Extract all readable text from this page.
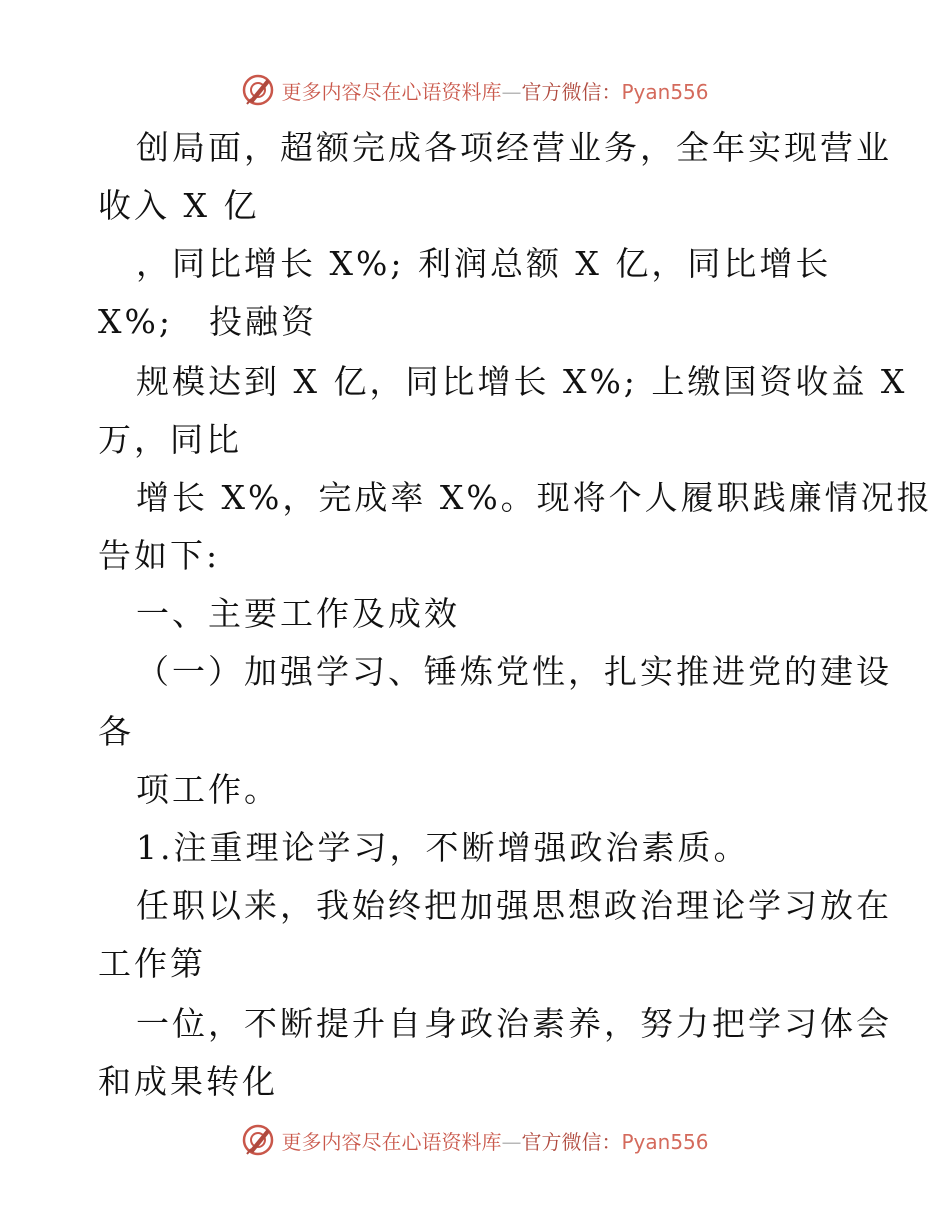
更多内容尽在心语资料库—官方微信：Pyan556
创局面，超额完成各项经营业务，全年实现营业
收入 X 亿
，同比增长 X%; 利润总额 X 亿，同比增长
X%;　投融资
规模达到 X 亿，同比增长 X%; 上缴国资收益 X
万，同比
增长 X%，完成率 X%。现将个人履职践廉情况报
告如下:
一、主要工作及成效
（一）加强学习、锤炼党性，扎实推进党的建设
各
项工作。
1.注重理论学习，不断增强政治素质。
任职以来，我始终把加强思想政治理论学习放在
工作第
一位，不断提升自身政治素养，努力把学习体会
和成果转化
更多内容尽在心语资料库—官方微信：Pyan556
